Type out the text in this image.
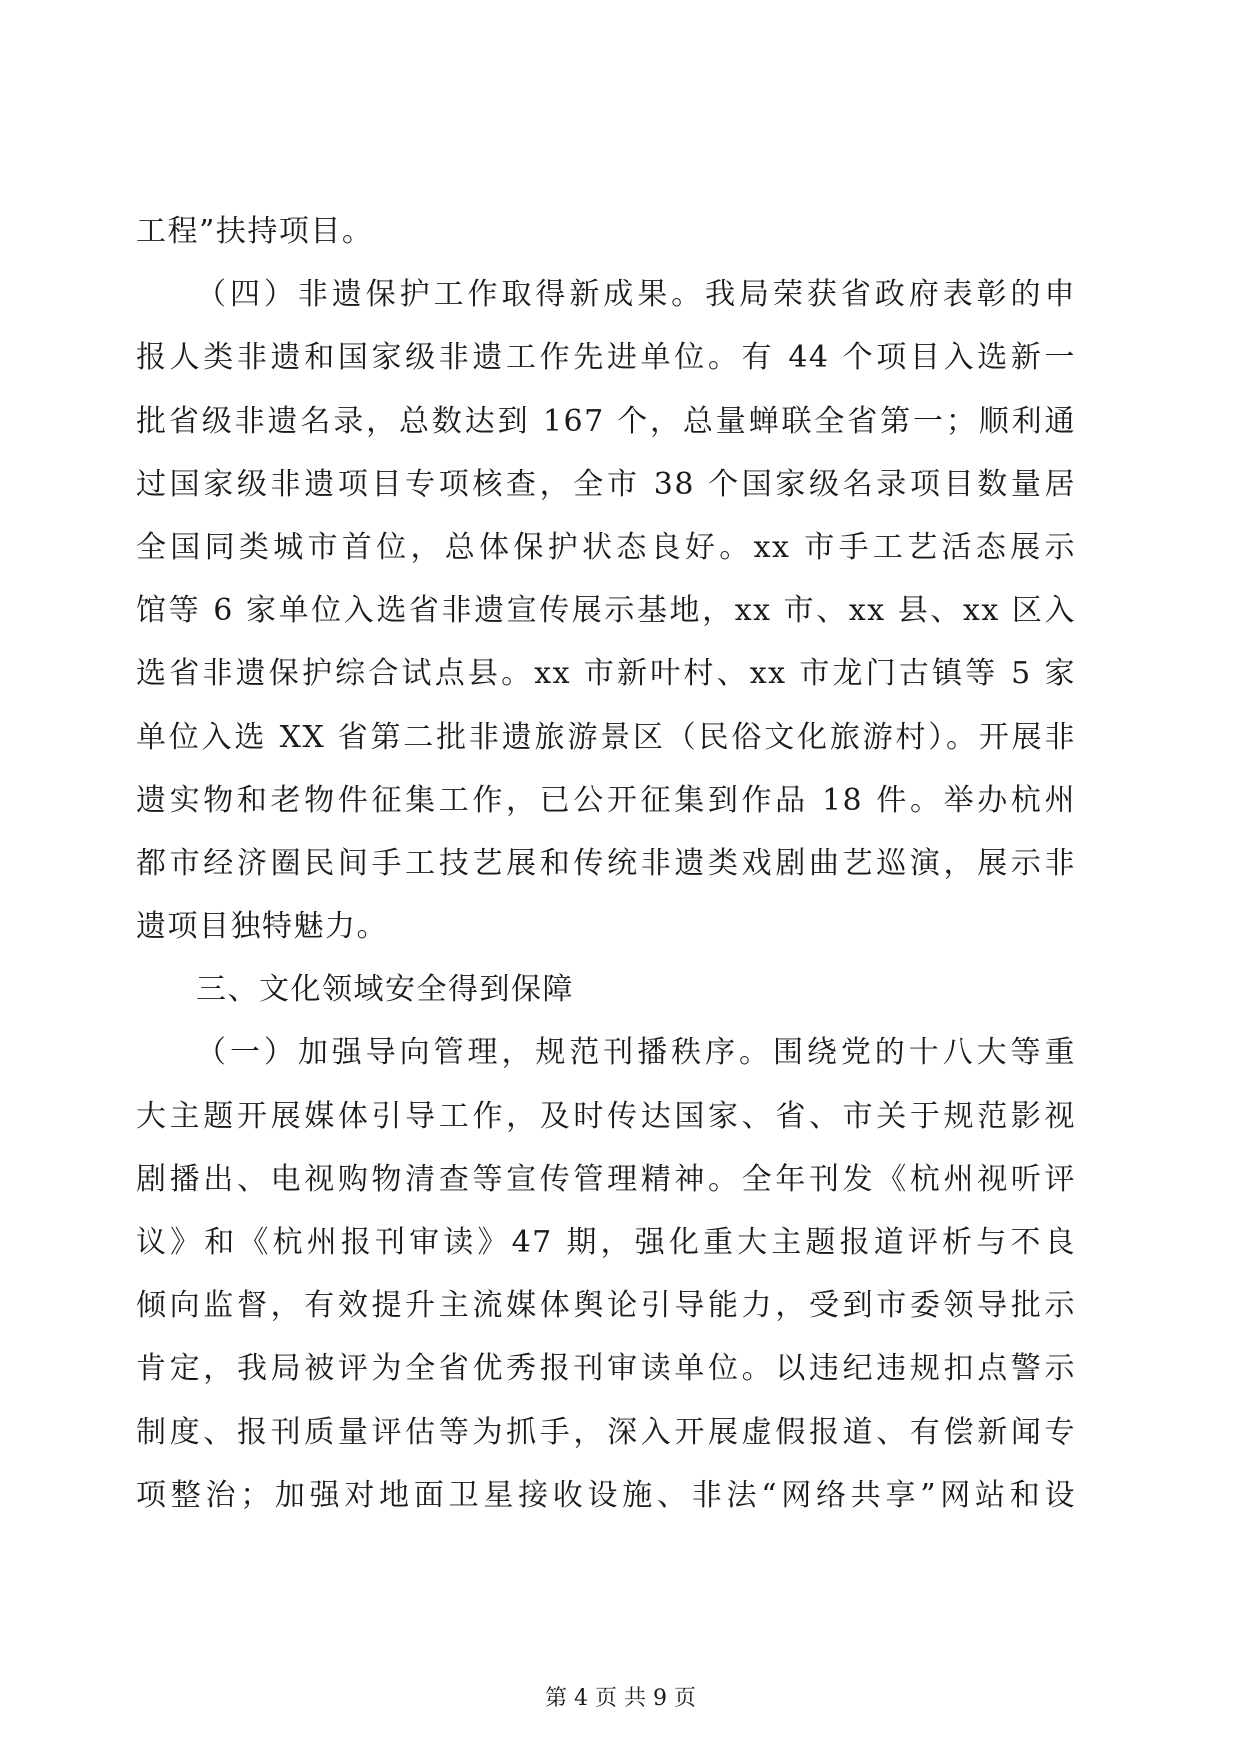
工程”扶持项目。
（四）非遗保护工作取得新成果。我局荣获省政府表彰的申
报人类非遗和国家级非遗工作先进单位。有 44 个项目入选新一
批省级非遗名录，总数达到 167 个，总量蝉联全省第一；顺利通
过国家级非遗项目专项核查，全市 38 个国家级名录项目数量居
全国同类城市首位，总体保护状态良好。xx 市手工艺活态展示
馆等 6 家单位入选省非遗宣传展示基地，xx 市、xx 县、xx 区入
选省非遗保护综合试点县。xx 市新叶村、xx 市龙门古镇等 5 家
单位入选 XX 省第二批非遗旅游景区（民俗文化旅游村）。开展非
遗实物和老物件征集工作，已公开征集到作品 18 件。举办杭州
都市经济圈民间手工技艺展和传统非遗类戏剧曲艺巡演，展示非
遗项目独特魅力。
三、文化领域安全得到保障
（一）加强导向管理，规范刊播秩序。围绕党的十八大等重
大主题开展媒体引导工作，及时传达国家、省、市关于规范影视
剧播出、电视购物清查等宣传管理精神。全年刊发《杭州视听评
议》和《杭州报刊审读》47 期，强化重大主题报道评析与不良
倾向监督，有效提升主流媒体舆论引导能力，受到市委领导批示
肯定，我局被评为全省优秀报刊审读单位。以违纪违规扣点警示
制度、报刊质量评估等为抓手，深入开展虚假报道、有偿新闻专
项整治；加强对地面卫星接收设施、非法“网络共享”网站和设
第 4 页 共 9 页
